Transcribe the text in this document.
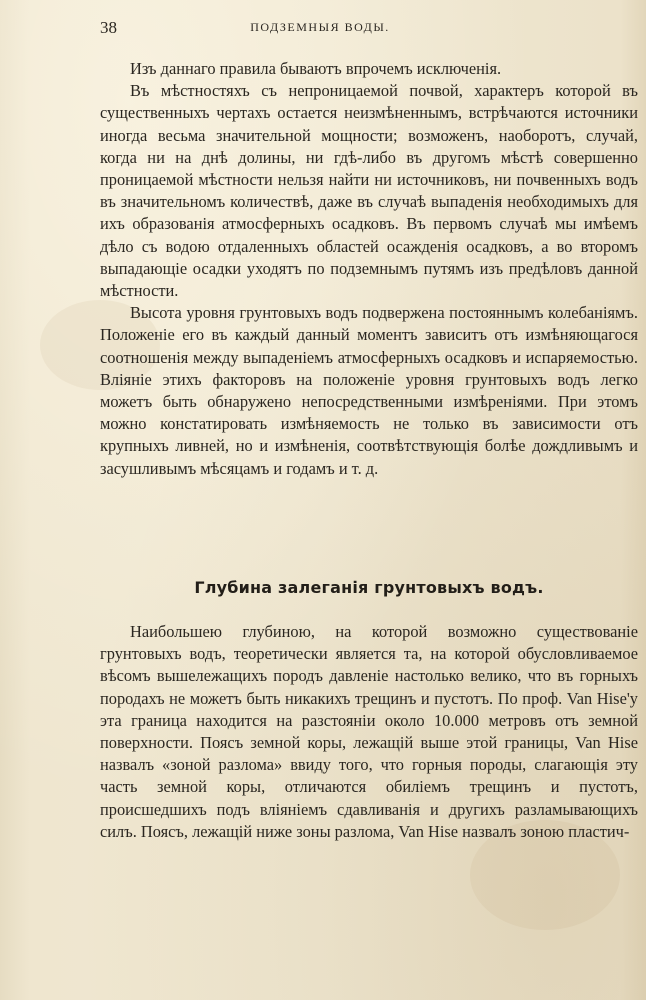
38	ПОДЗЕМНЫЯ ВОДЫ.

Изъ даннаго правила бываютъ впрочемъ исключенія.

Въ мѣстностяхъ съ непроницаемой почвой, характеръ которой въ существенныхъ чертахъ остается неизмѣненнымъ, встрѣчаются источники иногда весьма значительной мощности; возможенъ, наоборотъ, случай, когда ни на днѣ долины, ни гдѣ-либо въ другомъ мѣстѣ совершенно проницаемой мѣстности нельзя найти ни источниковъ, ни почвенныхъ водъ въ значительномъ количествѣ, даже въ случаѣ выпаденія необходимыхъ для ихъ образованія атмосферныхъ осадковъ. Въ первомъ случаѣ мы имѣемъ дѣло съ водою отдаленныхъ областей осажденія осадковъ, а во второмъ выпадающіе осадки уходятъ по подземнымъ путямъ изъ предѣловъ данной мѣстности.

Высота уровня грунтовыхъ водъ подвержена постояннымъ колебаніямъ. Положеніе его въ каждый данный моментъ зависитъ отъ измѣняющагося соотношенія между выпаденіемъ атмосферныхъ осадковъ и испаряемостью. Вліяніе этихъ факторовъ на положеніе уровня грунтовыхъ водъ легко можетъ быть обнаружено непосредственными измѣреніями. При этомъ можно констатировать измѣняемость не только въ зависимости отъ крупныхъ ливней, но и измѣненія, соотвѣтствующія болѣе дождливымъ и засушливымъ мѣсяцамъ и годамъ и т. д.

Глубина залеганія грунтовыхъ водъ.

Наибольшею глубиною, на которой возможно существованіе грунтовыхъ водъ, теоретически является та, на которой обусловливаемое вѣсомъ вышележащихъ породъ давленіе настолько велико, что въ горныхъ породахъ не можетъ быть никакихъ трещинъ и пустотъ. По проф. Van Hise'у эта граница находится на разстояніи около 10.000 метровъ отъ земной поверхности. Поясъ земной коры, лежащій выше этой границы, Van Hise назвалъ «зоной разлома» ввиду того, что горныя породы, слагающія эту часть земной коры, отличаются обиліемъ трещинъ и пустотъ, происшедшихъ подъ вліяніемъ сдавливанія и другихъ разламывающихъ силъ. Поясъ, лежащій ниже зоны разлома, Van Hise назвалъ зоною пластич-
